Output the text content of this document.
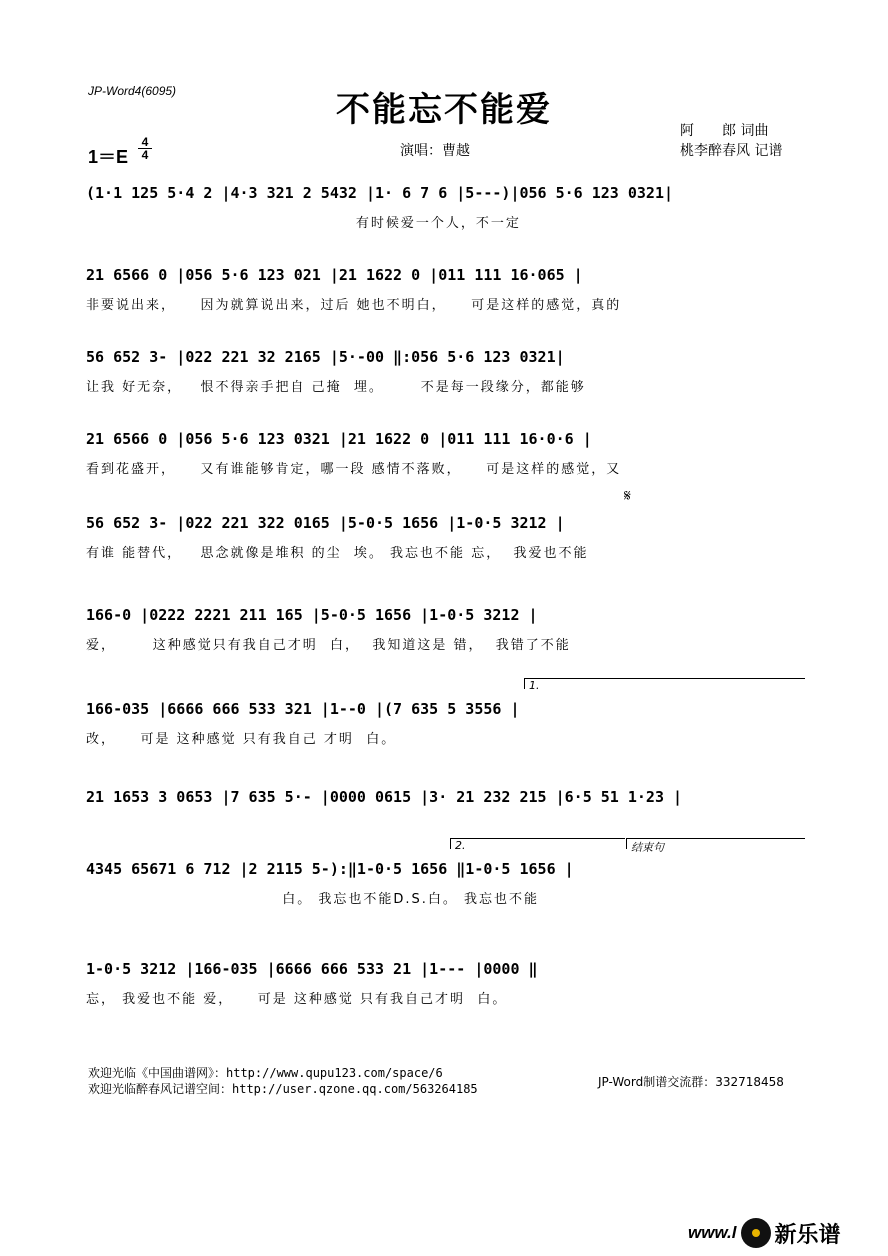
JP-Word4(6095)	不能忘不能爱
1＝E
4
4	演唱：曹越
阿　　郎 词曲
桃李醉春风 记谱
(1·1 125 5·4 2 |4·3 321 2 5432 |1· 6 7 6 |5---)|056 5·6 123 0321|
有时候爱一个人，不一定
21 6566 0 |056 5·6 123 021 |21 1622 0 |011 111 16·065 |
非要说出来，    因为就算说出来，过后 她也不明白，    可是这样的感觉，真的
56 652 3- |022 221 32 2165 |5·-00 ‖:056 5·6 123 0321|
让我 好无奈，   恨不得亲手把自 己掩  埋。      不是每一段缘分，都能够
21 6566 0 |056 5·6 123 0321 |21 1622 0 |011 111 16·0·6 |
看到花盛开，    又有谁能够肯定，哪一段 感情不落败，    可是这样的感觉，又
𝄋
56 652 3- |022 221 322 0165 |5-0·5 1656 |1-0·5 3212 |
有谁 能替代，   思念就像是堆积 的尘  埃。 我忘也不能 忘，  我爱也不能
166-0 |0222 2221 211 165 |5-0·5 1656 |1-0·5 3212 |
爱，      这种感觉只有我自己才明  白，  我知道这是 错，  我错了不能
1.
166-035 |6666 666 533 321 |1--0 |(7 635 5 3556 |
改，    可是 这种感觉 只有我自己 才明  白。
21 1653 3 0653 |7 635 5·- |0000 0615 |3· 21 232 215 |6·5 51 1·23 |
2.	结束句
4345 65671 6 712 |2 2115 5-):‖1-0·5 1656 ‖1-0·5 1656 |
白。 我忘也不能D.S.白。 我忘也不能
1-0·5 3212 |166-035 |6666 666 533 21 |1--- |0000 ‖
忘， 我爱也不能 爱，    可是 这种感觉 只有我自己才明  白。
欢迎光临《中国曲谱网》：http://www.qupu123.com/space/6
欢迎光临醉春风记谱空间：http://user.qzone.qq.com/563264185	JP-Word制谱交流群：332718458
www.l 新乐谱
